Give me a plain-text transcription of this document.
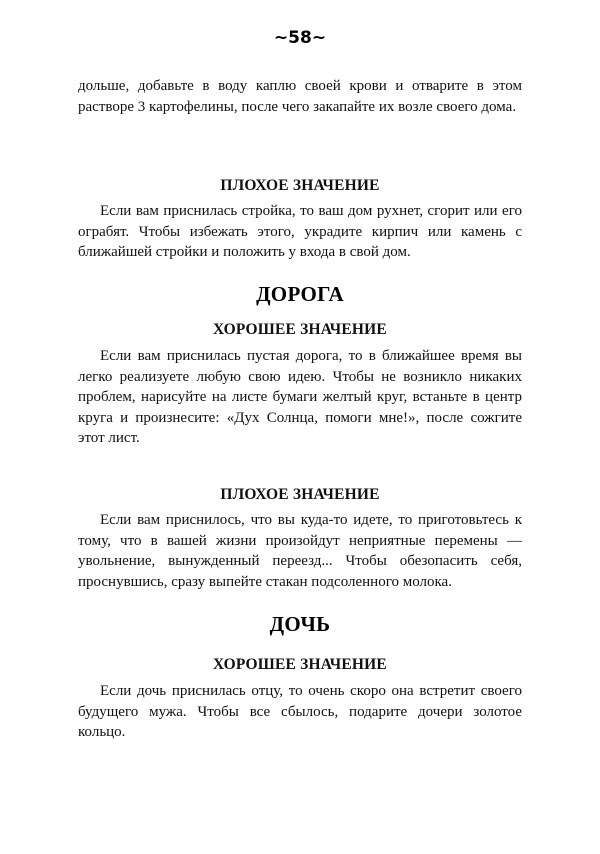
~58~

дольше, добавьте в воду каплю своей крови и отварите в этом растворе 3 картофелины, после чего закапайте их возле своего дома.

ПЛОХОЕ ЗНАЧЕНИЕ

Если вам приснилась стройка, то ваш дом рухнет, сгорит или его ограбят. Чтобы избежать этого, украдите кирпич или камень с ближайшей стройки и положить у входа в свой дом.

ДОРОГА
ХОРОШЕЕ ЗНАЧЕНИЕ

Если вам приснилась пустая дорога, то в ближайшее время вы легко реализуете любую свою идею. Чтобы не возникло никаких проблем, нарисуйте на листе бумаги желтый круг, встаньте в центр круга и произнесите: «Дух Солнца, помоги мне!», после сожгите этот лист.

ПЛОХОЕ ЗНАЧЕНИЕ

Если вам приснилось, что вы куда-то идете, то приготовьтесь к тому, что в вашей жизни произойдут неприятные перемены — увольнение, вынужденный переезд... Чтобы обезопасить себя, проснувшись, сразу выпейте стакан подсоленного молока.

ДОЧЬ
ХОРОШЕЕ ЗНАЧЕНИЕ

Если дочь приснилась отцу, то очень скоро она встретит своего будущего мужа. Чтобы все сбылось, подарите дочери золотое кольцо.
